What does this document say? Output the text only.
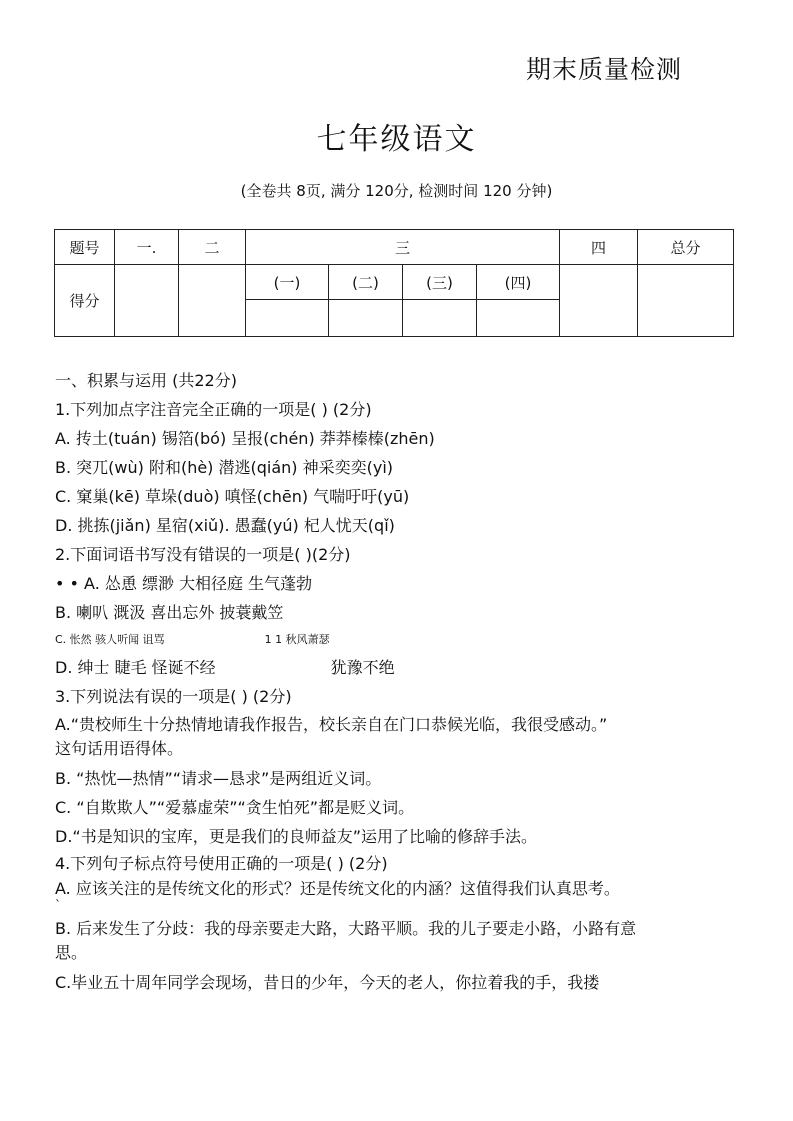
期末质量检测
七年级语文
(全卷共 8页, 满分 120分, 检测时间 120 分钟)
题号	一.	二	三				四	总分
得分			(一)	(二)	(三)	(四)		

一、积累与运用 (共22分)
1.下列加点字注音完全正确的一项是( ) (2分)
A. 抟土(tuán) 锡箔(bó) 呈报(chén) 莽莽榛榛(zhēn)
B. 突兀(wù) 附和(hè) 潜逃(qián) 神采奕奕(yì)
C. 窠巢(kē) 草垛(duò) 嗔怪(chēn) 气喘吁吁(yū)
D. 挑拣(jiǎn) 星宿(xiǔ). 愚蠢(yú) 杞人忧天(qǐ)
2.下面词语书写没有错误的一项是( )(2分)
• • A. 怂恿 缥渺 大相径庭 生气蓬勃
B. 喇叭 溉汲 喜出忘外 披蓑戴笠
C. 怅然 骇人听闻 诅骂	1 1 秋风萧瑟
D. 绅士 睫毛 怪诞不经	犹豫不绝
3.下列说法有误的一项是( ) (2分)
A.“贵校师生十分热情地请我作报告，校长亲自在门口恭候光临，我很受感动。”
这句话用语得体。
B. “热忱—热情”“请求—恳求”是两组近义词。
C. “自欺欺人”“爱慕虚荣”“贪生怕死”都是贬义词。
D.“书是知识的宝库，更是我们的良师益友”运用了比喻的修辞手法。
4.下列句子标点符号使用正确的一项是( ) (2分)
A. 应该关注的是传统文化的形式？还是传统文化的内涵？这值得我们认真思考。
`
B. 后来发生了分歧：我的母亲要走大路，大路平顺。我的儿子要走小路，小路有意
思。
C.毕业五十周年同学会现场，昔日的少年，今天的老人，你拉着我的手，我搂
